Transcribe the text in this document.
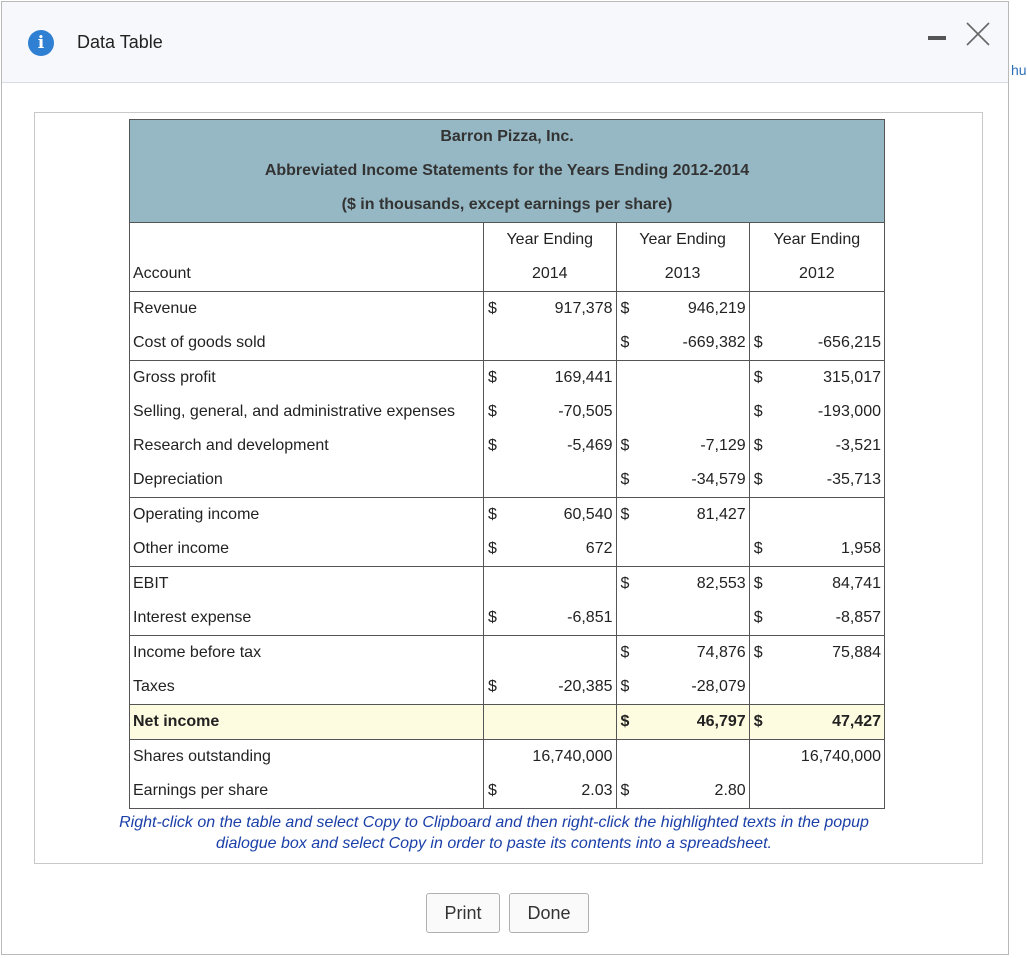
i	Data Table
hu
Barron Pizza, Inc.						
Abbreviated Income Statements for the Years Ending 2012-2014						
($ in thousands, except earnings per share)						
	Year Ending		Year Ending		Year Ending	
Account	2014		2013		2012	
Revenue	$	917,378	$	946,219		
Cost of goods sold			$	-669,382	$	-656,215
Gross profit	$	169,441			$	315,017
Selling, general, and administrative expenses	$	-70,505			$	-193,000
Research and development	$	-5,469	$	-7,129	$	-3,521
Depreciation			$	-34,579	$	-35,713
Operating income	$	60,540	$	81,427		
Other income	$	672			$	1,958
EBIT			$	82,553	$	84,741
Interest expense	$	-6,851			$	-8,857
Income before tax			$	74,876	$	75,884
Taxes	$	-20,385	$	-28,079		
Net income			$	46,797	$	47,427
Shares outstanding		16,740,000				16,740,000
Earnings per share	$	2.03	$	2.80		
Right-click on the table and select Copy to Clipboard and then right-click the highlighted texts in the popup dialogue box and select Copy in order to paste its contents into a spreadsheet.
Print	Done
